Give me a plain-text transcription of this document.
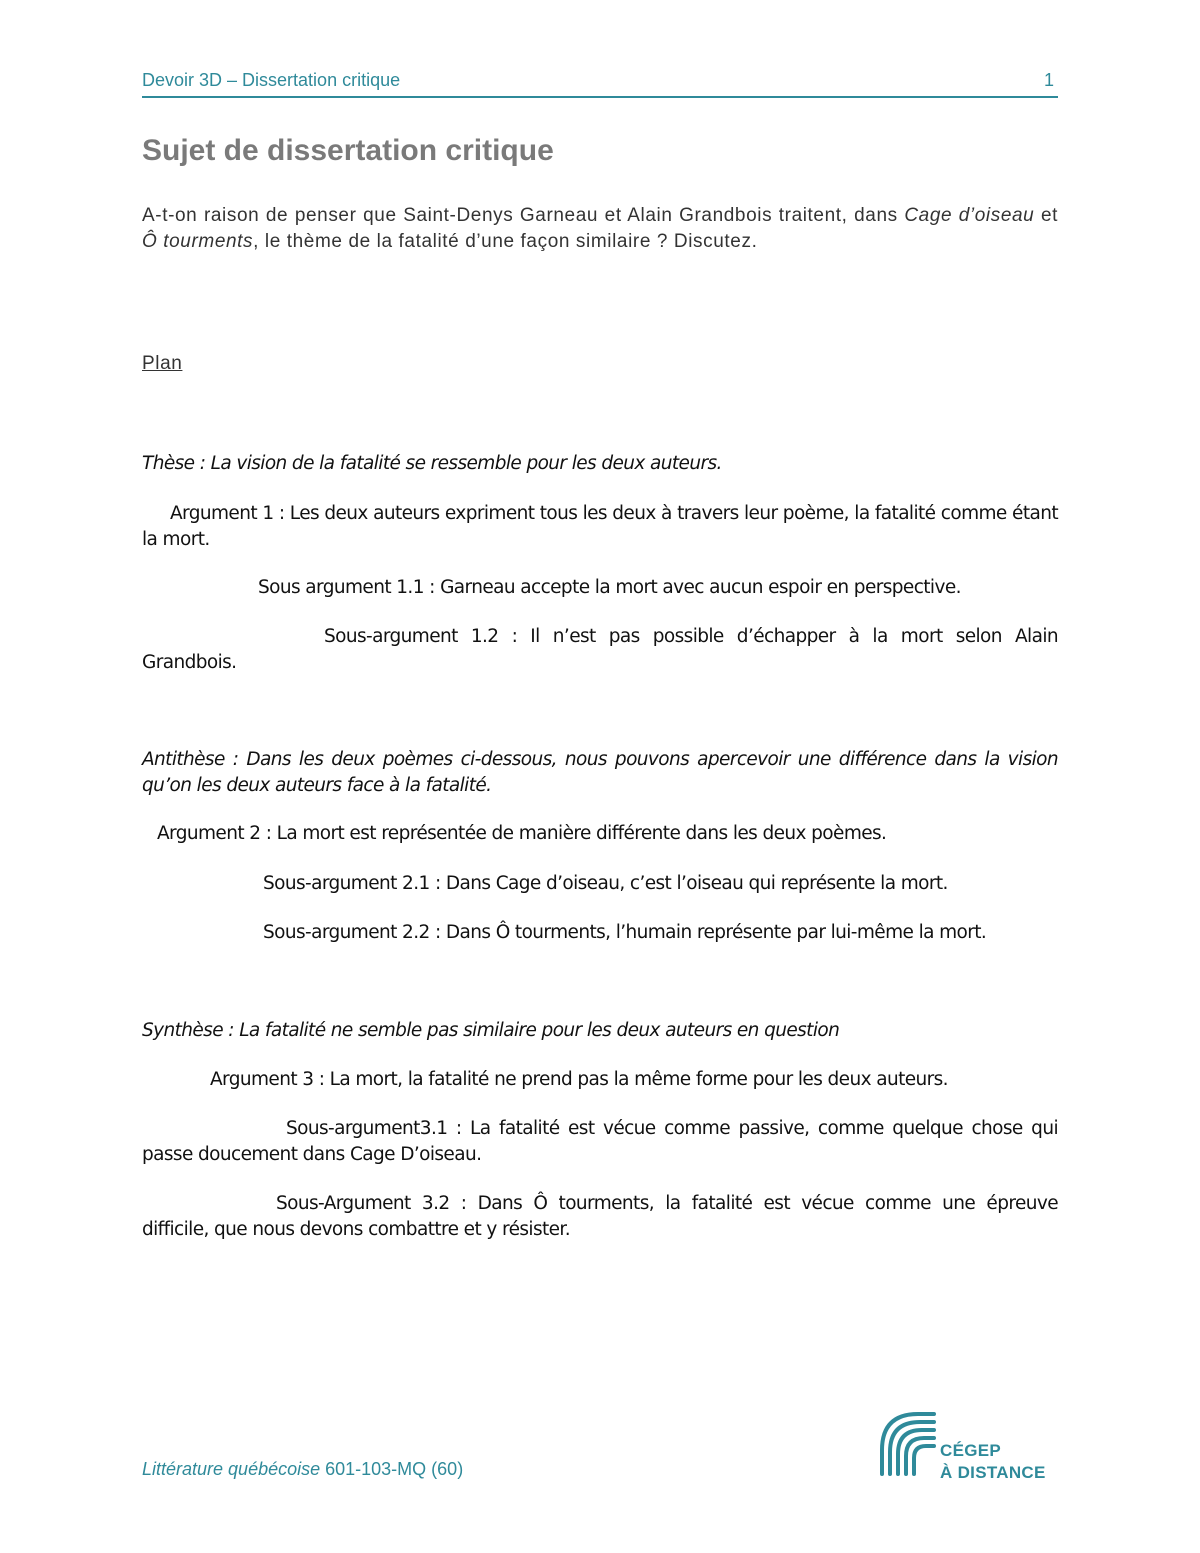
Devoir 3D – Dissertation critique	1
Sujet de dissertation critique
A-t-on raison de penser que Saint-Denys Garneau et Alain Grandbois traitent, dans Cage d’oiseau et Ô tourments, le thème de la fatalité d’une façon similaire ? Discutez.
Plan
Thèse : La vision de la fatalité se ressemble pour les deux auteurs.
Argument 1 : Les deux auteurs expriment tous les deux à travers leur poème, la fatalité comme étant la mort.
Sous argument 1.1 : Garneau accepte la mort avec aucun espoir en perspective.
Sous-argument 1.2 : Il n’est pas possible d’échapper à la mort selon Alain Grandbois.
Antithèse : Dans les deux poèmes ci-dessous, nous pouvons apercevoir une différence dans la vision qu’on les deux auteurs face à la fatalité.
Argument 2 : La mort est représentée de manière différente dans les deux poèmes.
Sous-argument 2.1 : Dans Cage d’oiseau, c’est l’oiseau qui représente la mort.
Sous-argument 2.2 : Dans Ô tourments, l’humain représente par lui-même la mort.
Synthèse : La fatalité ne semble pas similaire pour les deux auteurs en question
Argument 3 : La mort, la fatalité ne prend pas la même forme pour les deux auteurs.
Sous-argument3.1 : La fatalité est vécue comme passive, comme quelque chose qui passe doucement dans Cage D’oiseau.
Sous-Argument 3.2 : Dans Ô tourments, la fatalité est vécue comme une épreuve difficile, que nous devons combattre et y résister.
Littérature québécoise 601-103-MQ (60)
CÉGEP
À DISTANCE
